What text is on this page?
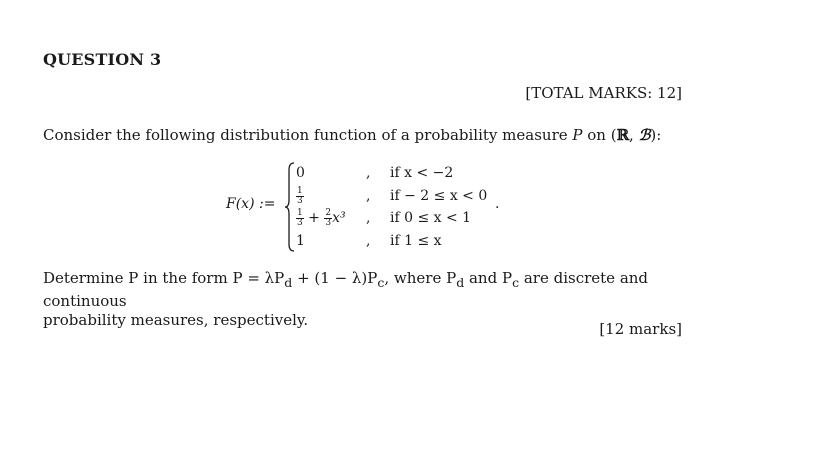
QUESTION 3
[TOTAL MARKS: 12]
Consider the following distribution function of a probability measure P on (ℝ, ℬ):
F(x) :=
0	, if x < −2
$\frac{1}{3}$	, if − 2 ≤ x < 0
$\frac{1}{3} + \frac{2}{3} x^3$ , if 0 ≤ x < 1
1	, if 1 ≤ x
.
Determine P in the form $P = \lambda P_d + (1 - \lambda)P_c$, where $P_d$ and $P_c$ are discrete and continuous
probability measures, respectively.	[12 marks]
